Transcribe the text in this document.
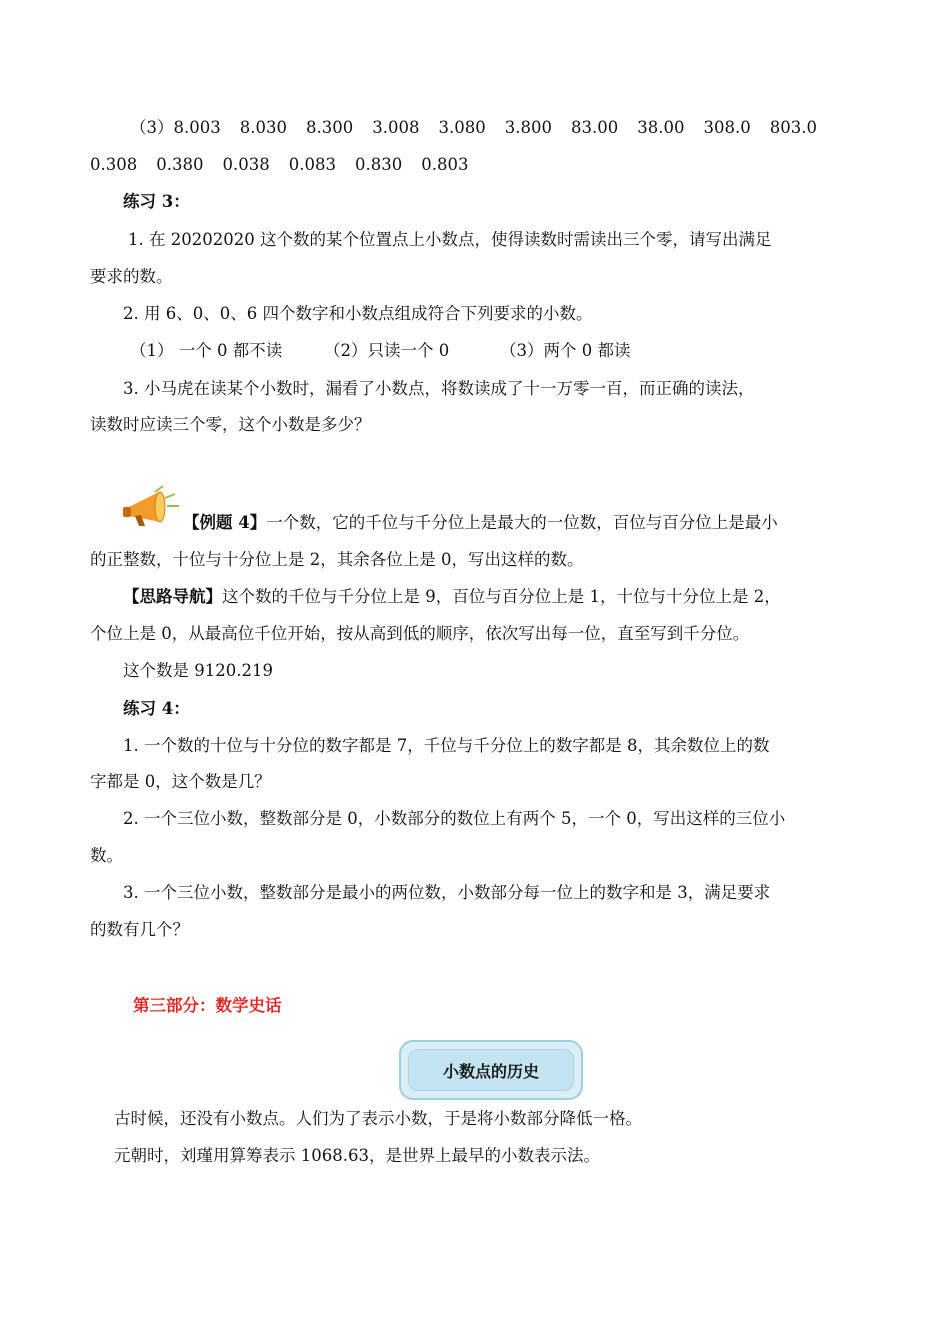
（3）8.003 8.030 8.300 3.008 3.080 3.800 83.00 38.00 308.0 803.0
0.308 0.380 0.038 0.083 0.830 0.803
练习 3：
1. 在 20202020 这个数的某个位置点上小数点，使得读数时需读出三个零，请写出满足
要求的数。
2. 用 6、0、0、6 四个数字和小数点组成符合下列要求的小数。
（1） 一个 0 都不读	（2）只读一个 0	（3）两个 0 都读
3. 小马虎在读某个小数时，漏看了小数点，将数读成了十一万零一百，而正确的读法，
读数时应读三个零，这个小数是多少？
【例题 4】一个数，它的千位与千分位上是最大的一位数，百位与百分位上是最小
的正整数，十位与十分位上是 2，其余各位上是 0，写出这样的数。
【思路导航】这个数的千位与千分位上是 9，百位与百分位上是 1，十位与十分位上是 2，
个位上是 0，从最高位千位开始，按从高到低的顺序，依次写出每一位，直至写到千分位。
这个数是 9120.219
练习 4：
1. 一个数的十位与十分位的数字都是 7，千位与千分位上的数字都是 8，其余数位上的数
字都是 0，这个数是几？
2. 一个三位小数，整数部分是 0，小数部分的数位上有两个 5，一个 0，写出这样的三位小
数。
3. 一个三位小数，整数部分是最小的两位数，小数部分每一位上的数字和是 3，满足要求
的数有几个？
第三部分：数学史话
小数点的历史
古时候，还没有小数点。人们为了表示小数，于是将小数部分降低一格。
元朝时，刘瑾用算筹表示 1068.63，是世界上最早的小数表示法。
